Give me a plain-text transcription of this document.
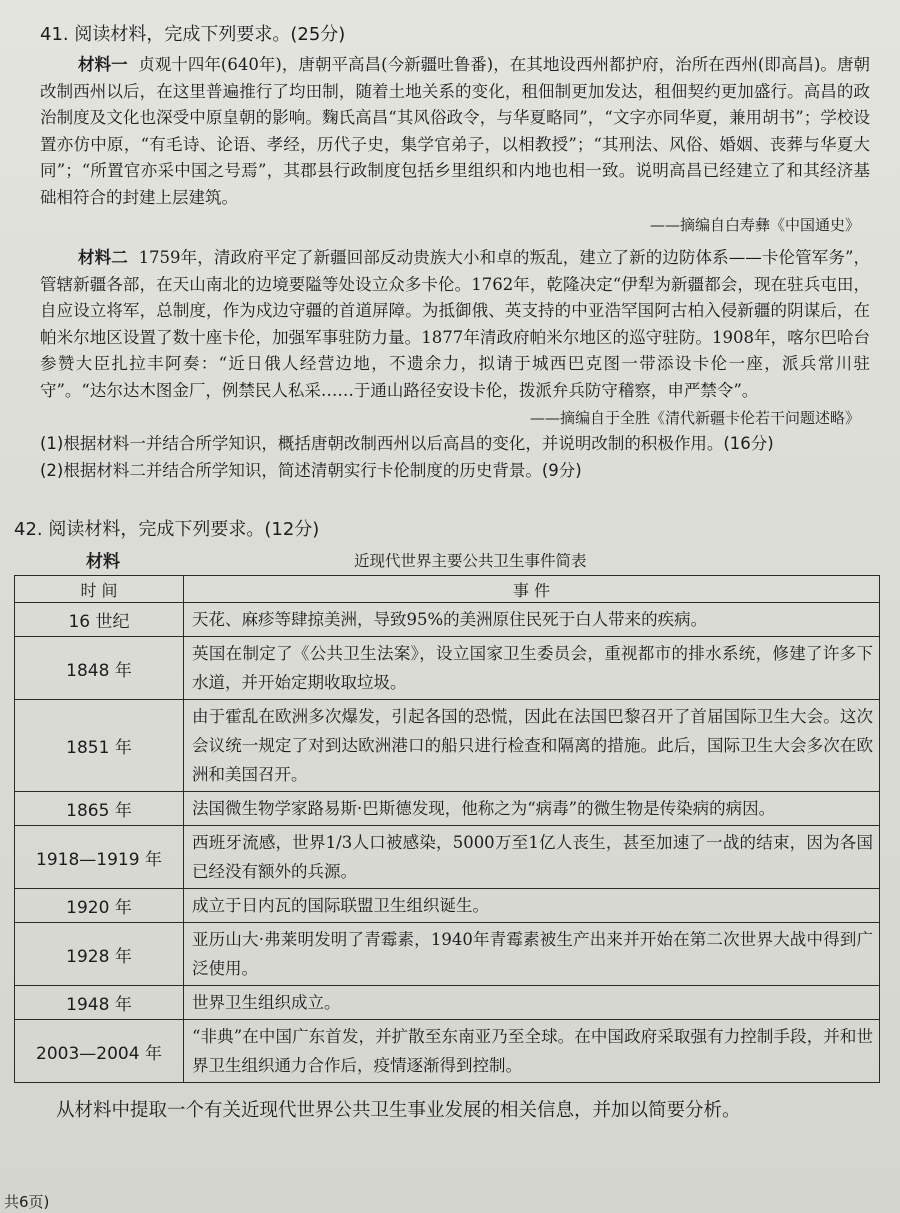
41. 阅读材料，完成下列要求。(25分)

材料一 贞观十四年(640年)，唐朝平高昌(今新疆吐鲁番)，在其地设西州都护府，治所在西州(即高昌)。唐朝改制西州以后，在这里普遍推行了均田制，随着土地关系的变化，租佃制更加发达，租佃契约更加盛行。高昌的政治制度及文化也深受中原皇朝的影响。麴氏高昌“其风俗政令，与华夏略同”，“文字亦同华夏，兼用胡书”；学校设置亦仿中原，“有毛诗、论语、孝经，历代子史，集学官弟子，以相教授”；“其刑法、风俗、婚姻、丧葬与华夏大同”；“所置官亦采中国之号焉”，其郡县行政制度包括乡里组织和内地也相一致。说明高昌已经建立了和其经济基础相符合的封建上层建筑。

——摘编自白寿彝《中国通史》

材料二 1759年，清政府平定了新疆回部反动贵族大小和卓的叛乱，建立了新的边防体系——卡伦管军务”，管辖新疆各部，在天山南北的边境要隘等处设立众多卡伦。1762年，乾隆决定“伊犁为新疆都会，现在驻兵屯田，自应设立将军，总制度，作为戍边守疆的首道屏障。为抵御俄、英支持的中亚浩罕国阿古柏入侵新疆的阴谋后，在帕米尔地区设置了数十座卡伦，加强军事驻防力量。1877年清政府帕米尔地区的巡守驻防。1908年，喀尔巴哈台参赞大臣扎拉丰阿奏：“近日俄人经营边地，不遗余力，拟请于城西巴克图一带添设卡伦一座，派兵常川驻守”。“达尔达木图金厂，例禁民人私采……于通山路径安设卡伦，拨派弁兵防守稽察，申严禁令”。

——摘编自于全胜《清代新疆卡伦若干问题述略》

(1)根据材料一并结合所学知识，概括唐朝改制西州以后高昌的变化，并说明改制的积极作用。(16分)

(2)根据材料二并结合所学知识，简述清朝实行卡伦制度的历史背景。(9分)

42. 阅读材料，完成下列要求。(12分)
材料	近现代世界主要公共卫生事件简表
时 间	事 件
16 世纪	天花、麻疹等肆掠美洲，导致95%的美洲原住民死于白人带来的疾病。
1848 年	英国在制定了《公共卫生法案》，设立国家卫生委员会，重视都市的排水系统，修建了许多下水道，并开始定期收取垃圾。
1851 年	由于霍乱在欧洲多次爆发，引起各国的恐慌，因此在法国巴黎召开了首届国际卫生大会。这次会议统一规定了对到达欧洲港口的船只进行检查和隔离的措施。此后，国际卫生大会多次在欧洲和美国召开。
1865 年	法国微生物学家路易斯·巴斯德发现，他称之为“病毒”的微生物是传染病的病因。
1918—1919 年	西班牙流感，世界1/3人口被感染，5000万至1亿人丧生，甚至加速了一战的结束，因为各国已经没有额外的兵源。
1920 年	成立于日内瓦的国际联盟卫生组织诞生。
1928 年	亚历山大·弗莱明发明了青霉素，1940年青霉素被生产出来并开始在第二次世界大战中得到广泛使用。
1948 年	世界卫生组织成立。
2003—2004 年	“非典”在中国广东首发，并扩散至东南亚乃至全球。在中国政府采取强有力控制手段，并和世界卫生组织通力合作后，疫情逐渐得到控制。
从材料中提取一个有关近现代世界公共卫生事业发展的相关信息，并加以简要分析。
共6页)
